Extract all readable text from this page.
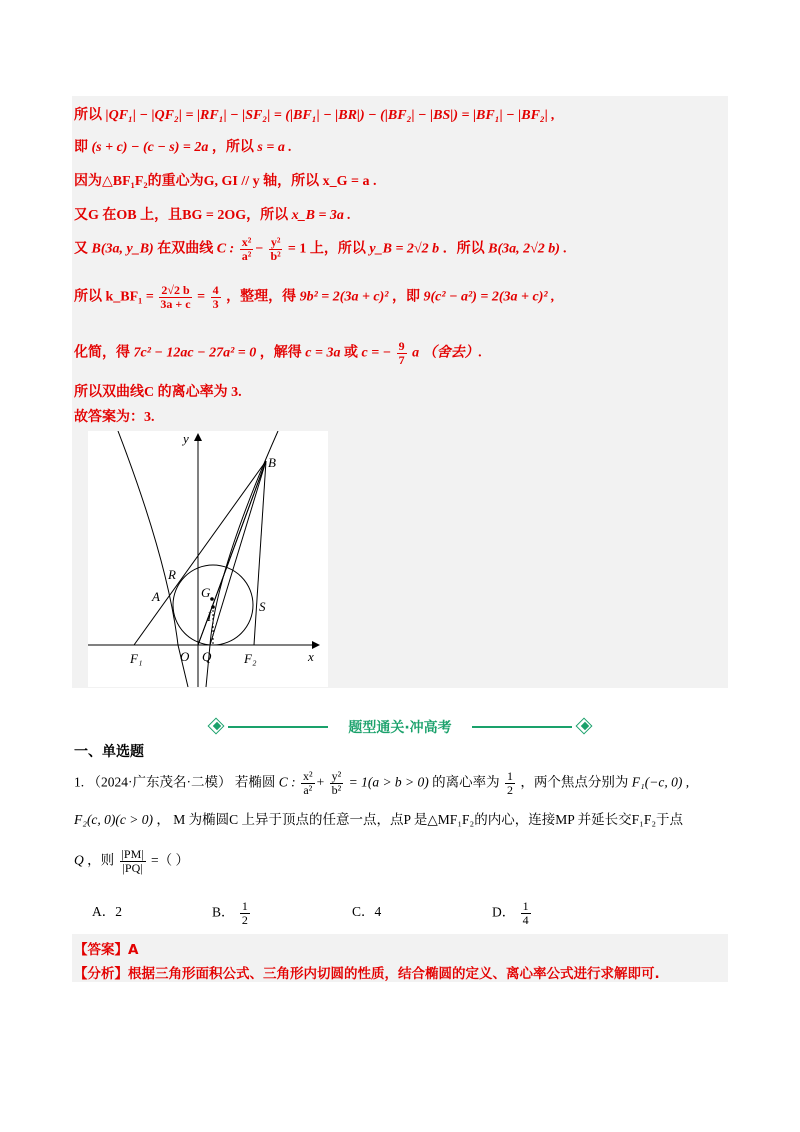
所以 |QF₁| − |QF₂| = |RF₁| − |SF₂| = (|BF₁| − |BR|) − (|BF₂| − |BS|) = |BF₁| − |BF₂| ,
即 (s + c) − (c − s) = 2a ，所以 s = a .
因为△BF₁F₂的重心为G, GI // y 轴，所以 x_G = a .
又G 在OB 上，且BG = 2OG，所以 x_B = 3a .
又 B(3a, y_B) 在双曲线 C : $\frac{\text{x²}}{\text{a²}} - \frac{\text{y²}}{\text{b²}} = 1$ 上，所以 y_B = 2√2 b ．所以 B(3a, 2√2 b) .
所以 k_BF₁ = $\frac{2√2 b}{3a + c} = \frac{4}{3}$ ，整理，得 9b² = 2(3a + c)² ，即 9(c² − a²) = 2(3a + c)² ,
化简，得 7c² − 12ac − 27a² = 0 ，解得 c = 3a 或 c = − $\frac{9}{7}$ a （舍去）.
所以双曲线C 的离心率为 3.
故答案为：3.
y
x
B
R
A	G
I
S
F₁	O Q	F₂
题型通关·冲高考
一、单选题
1. （2024·广东茂名·二模） 若椭圆 C : $\frac{\text{x²}}{\text{a²}} + \frac{\text{y²}}{\text{b²}} = 1(a > b > 0)$ 的离心率为 $\frac{1}{2}$ ，两个焦点分别为 F₁(−c, 0) ,
F₂(c, 0)(c > 0) ， M 为椭圆C 上异于顶点的任意一点，点P 是△MF₁F₂的内心，连接MP 并延长交F₁F₂于点
Q ，则 $\frac{|PM|}{|PQ|}$ =（ ）
A．2	B． $\frac{1}{2}$	C．4	D． $\frac{1}{4}$
【答案】A
【分析】根据三角形面积公式、三角形内切圆的性质，结合椭圆的定义、离心率公式进行求解即可.
